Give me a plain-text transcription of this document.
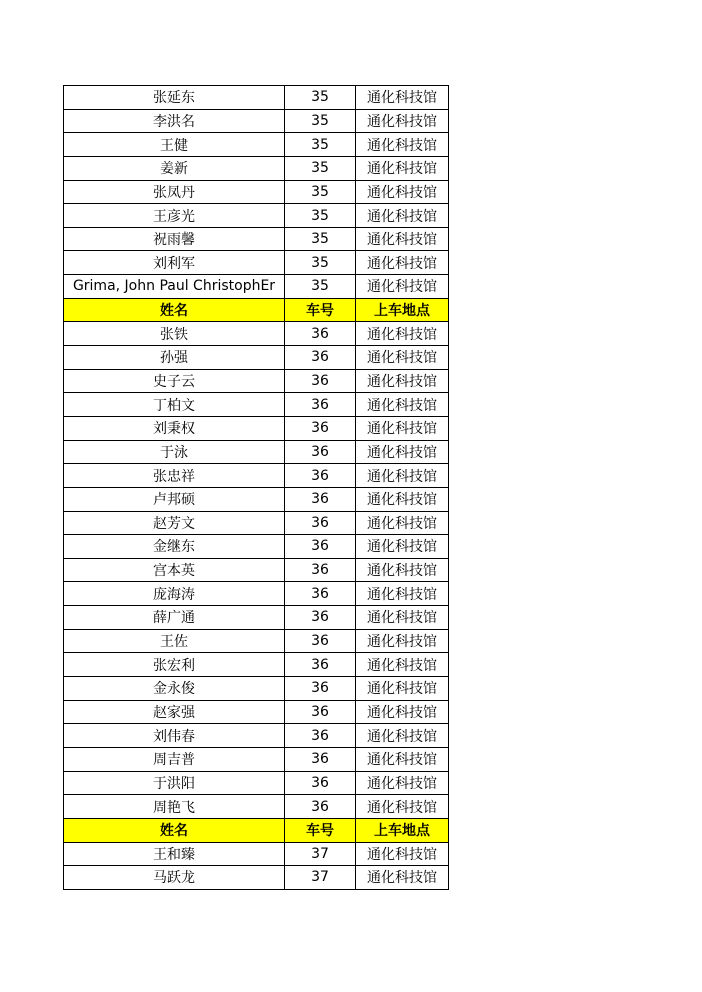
张延东	35	通化科技馆
李洪名	35	通化科技馆
王健	35	通化科技馆
姜新	35	通化科技馆
张凤丹	35	通化科技馆
王彦光	35	通化科技馆
祝雨馨	35	通化科技馆
刘利军	35	通化科技馆
Grima, John Paul ChristophEr	35	通化科技馆
姓名	车号	上车地点
张铁	36	通化科技馆
孙强	36	通化科技馆
史子云	36	通化科技馆
丁柏文	36	通化科技馆
刘秉权	36	通化科技馆
于泳	36	通化科技馆
张忠祥	36	通化科技馆
卢邦硕	36	通化科技馆
赵芳文	36	通化科技馆
金继东	36	通化科技馆
宫本英	36	通化科技馆
庞海涛	36	通化科技馆
薛广通	36	通化科技馆
王佐	36	通化科技馆
张宏利	36	通化科技馆
金永俊	36	通化科技馆
赵家强	36	通化科技馆
刘伟春	36	通化科技馆
周吉普	36	通化科技馆
于洪阳	36	通化科技馆
周艳飞	36	通化科技馆
姓名	车号	上车地点
王和臻	37	通化科技馆
马跃龙	37	通化科技馆
